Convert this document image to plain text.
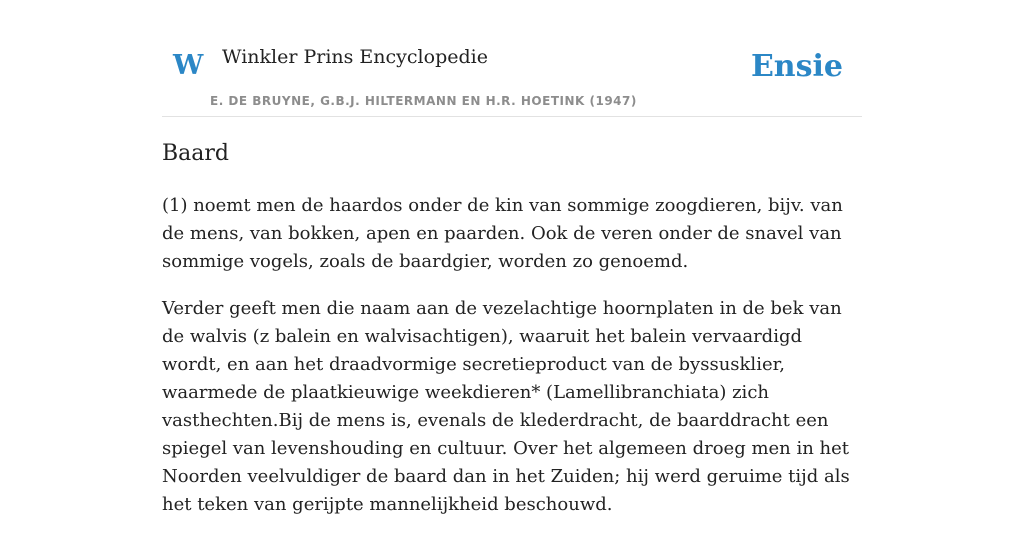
W Winkler Prins Encyclopedie	Ensie
E. DE BRUYNE, G.B.J. HILTERMANN EN H.R. HOETINK (1947)
Baard

(1) noemt men de haardos onder de kin van sommige zoogdieren, bijv. van de mens, van bokken, apen en paarden. Ook de veren onder de snavel van sommige vogels, zoals de baardgier, worden zo genoemd.

Verder geeft men die naam aan de vezelachtige hoornplaten in de bek van de walvis (z balein en walvisachtigen), waaruit het balein vervaardigd wordt, en aan het draadvormige secretieproduct van de byssusklier, waarmede de plaatkieuwige weekdieren* (Lamellibranchiata) zich vasthechten.Bij de mens is, evenals de klederdracht, de baarddracht een spiegel van levenshouding en cultuur. Over het algemeen droeg men in het Noorden veelvuldiger de baard dan in het Zuiden; hij werd geruime tijd als het teken van gerijpte mannelijkheid beschouwd.
